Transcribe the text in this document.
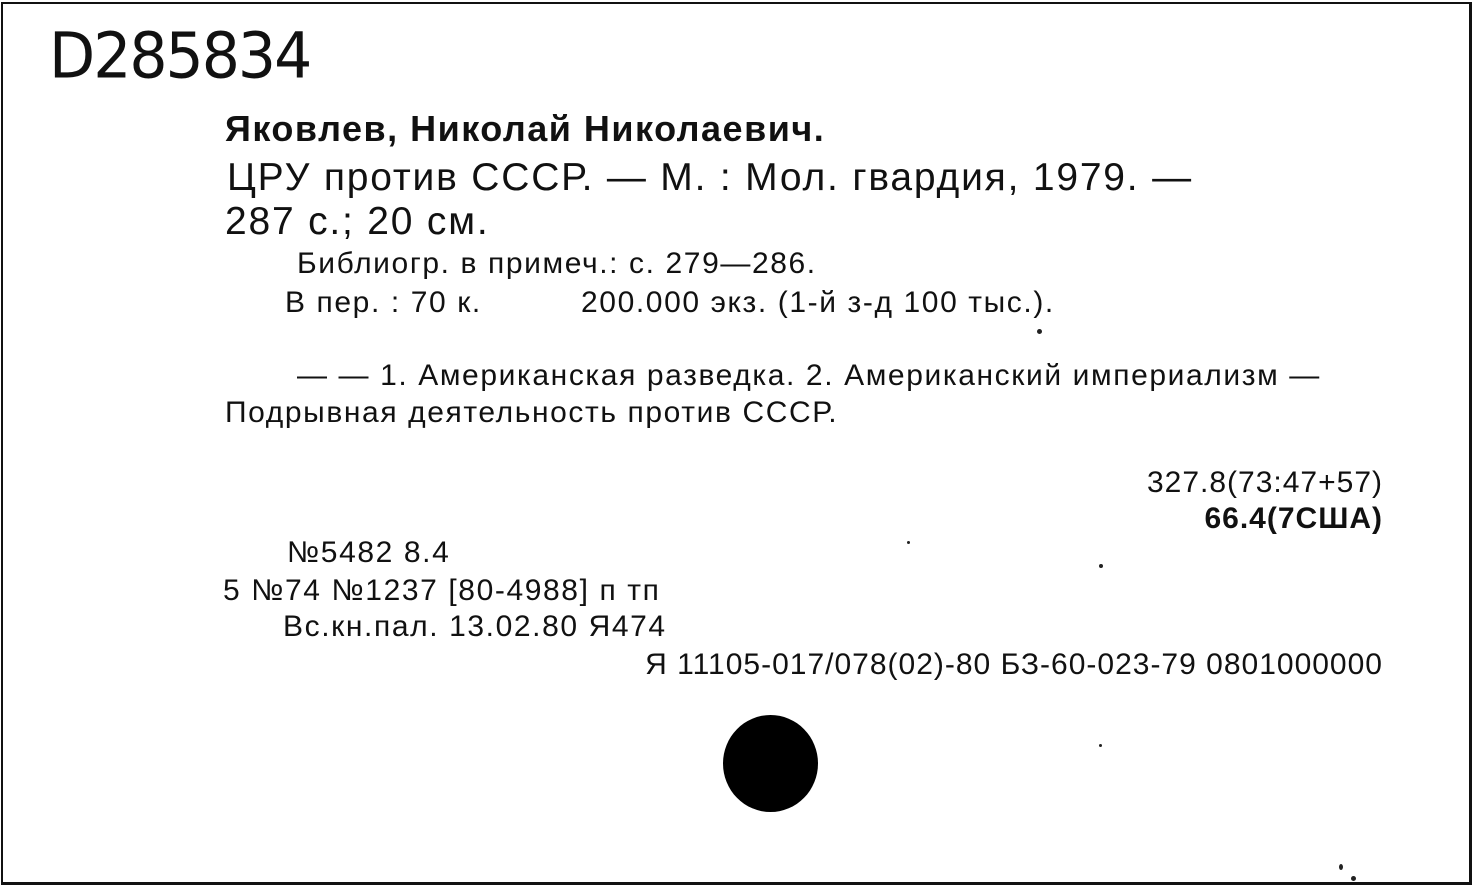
D285834
Яковлев, Николай Николаевич.
ЦРУ против СССР. — М. : Мол. гвардия, 1979. —
287 с.; 20 см.
Библиогр. в примеч.: с. 279—286.
В пер. : 70 к.	200.000 экз. (1-й з-д 100 тыс.).
— — 1. Американская разведка. 2. Американский империализм —
Подрывная деятельность против СССР.
327.8(73:47+57)
66.4(7США)
№5482 8.4
5 №74 №1237 [80-4988] п тп
Вс.кн.пал. 13.02.80 Я474
Я 11105-017/078(02)-80 БЗ-60-023-79 0801000000
